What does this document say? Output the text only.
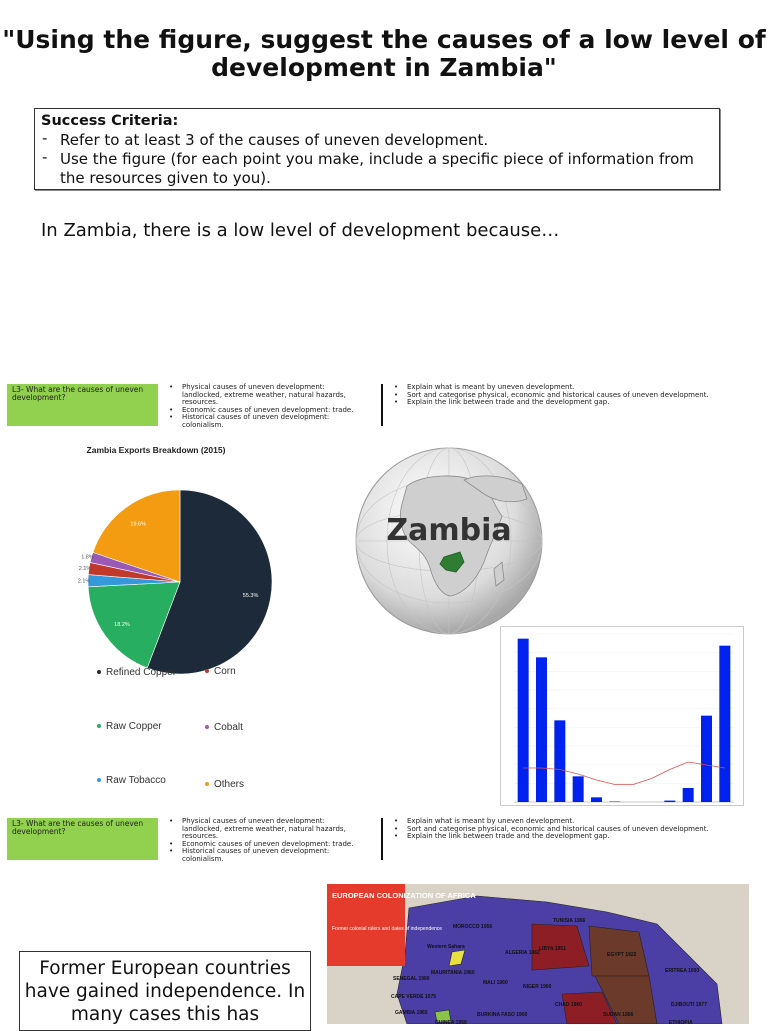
"Using the figure, suggest the causes of a low level of development in Zambia"
Success Criteria:
- Refer to at least 3 of the causes of uneven development.
- Use the figure (for each point you make, include a specific piece of information from the resources given to you).
In Zambia, there is a low level of development because…
L3- What are the causes of uneven development?
• Physical causes of uneven development: landlocked, extreme weather, natural hazards, resources.
• Economic causes of uneven development: trade.
• Historical causes of uneven development: colonialism.
• Explain what is meant by uneven development.
• Sort and categorise physical, economic and historical causes of uneven development.
• Explain the link between trade and the development gap.
Zambia Exports Breakdown (2015)
55.3%
18.2%
2.1%
2.1%
1.8%
19.6%
Refined Copper	Corn
Raw Copper	Cobalt
Raw Tobacco	Others
Zambia
L3- What are the causes of uneven development?
• Physical causes of uneven development: landlocked, extreme weather, natural hazards, resources.
• Economic causes of uneven development: trade.
• Historical causes of uneven development: colonialism.
• Explain what is meant by uneven development.
• Sort and categorise physical, economic and historical causes of uneven development.
• Explain the link between trade and the development gap.
EUROPEAN COLONIZATION OF AFRICA
Former colonial rulers and dates of independence
TUNISIA 1956
MOROCCO 1956
ALGERIA 1962
LIBYA 1951
EGYPT 1922
Western Sahara
MAURITANIA 1960
MALI 1960
NIGER 1960
CHAD 1960
SUDAN 1956
SENEGAL 1960
CAPE VERDE 1975
GAMBIA 1965
GUINEA 1958
BURKINA FASO 1960
ERITREA 1993
DJIBOUTI 1977
ETHIOPIA
Former European countries have gained independence. In many cases this has
